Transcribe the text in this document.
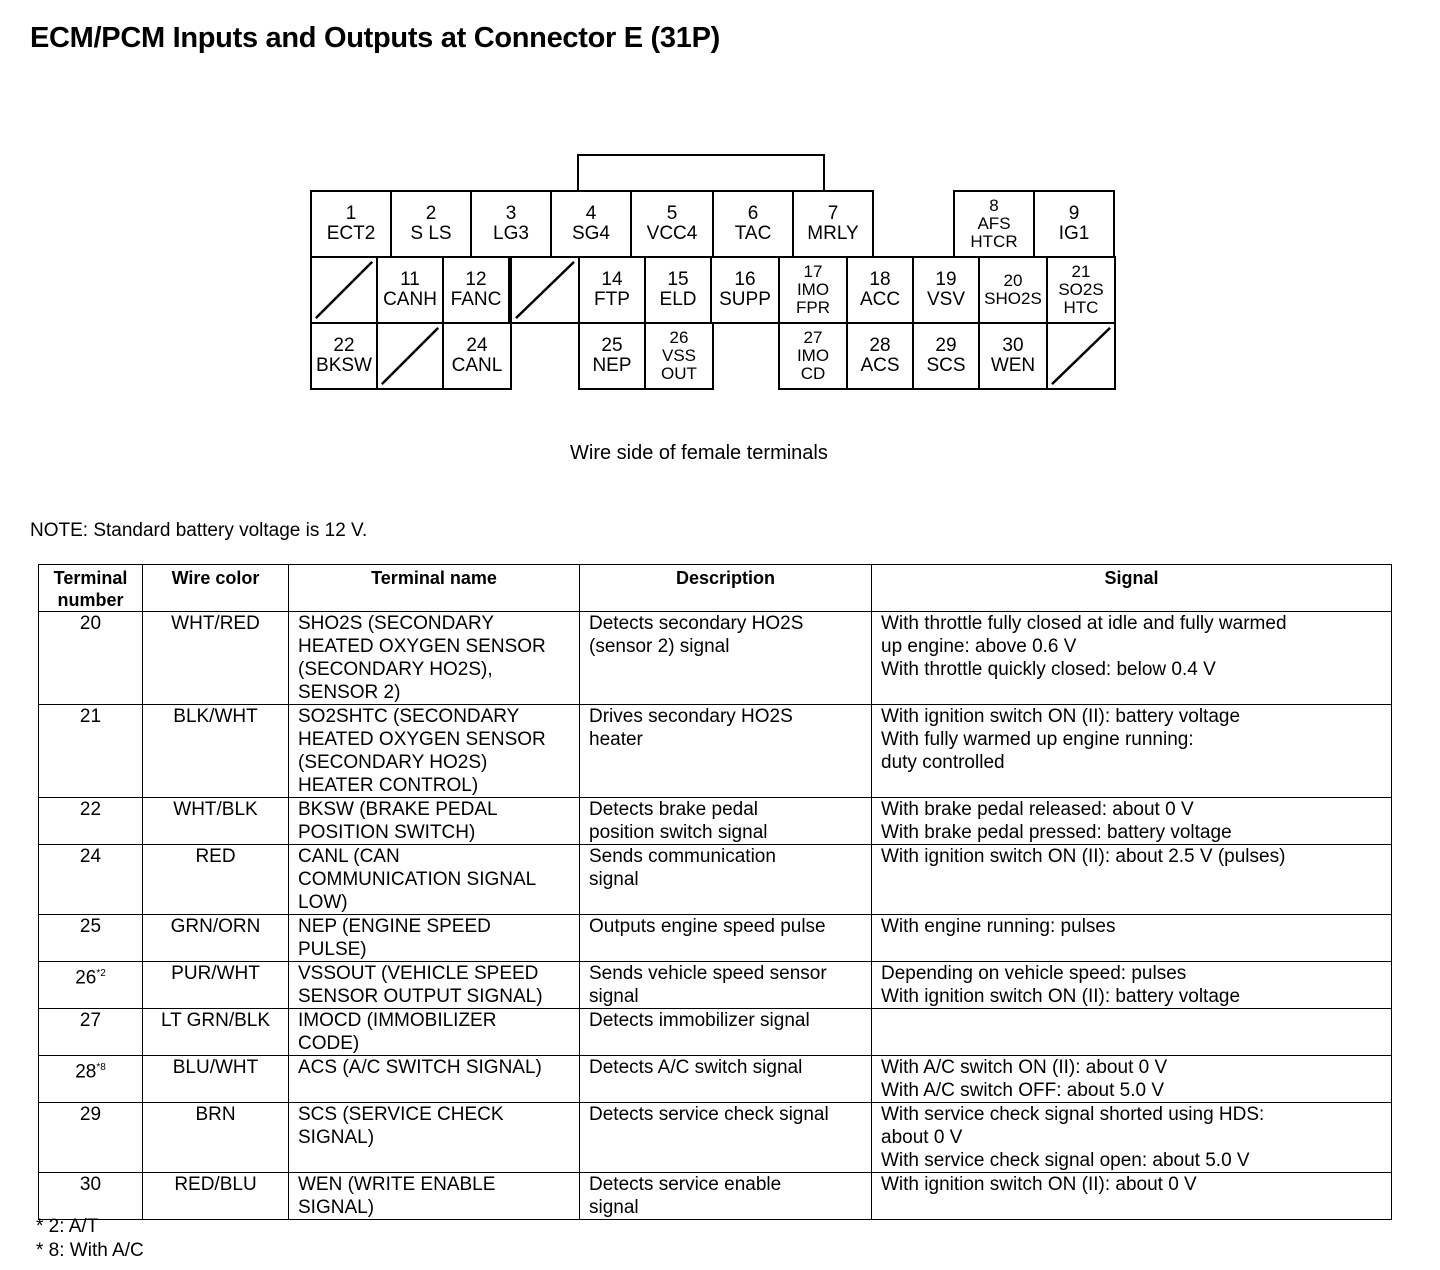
ECM/PCM Inputs and Outputs at Connector E (31P)
1
ECT2
2
S LS
3
LG3
4
SG4
5
VCC4
6
TAC
7
MRLY
8
AFS
HTCR
9
IG1
11
CANH
12
FANC
14
FTP
15
ELD
16
SUPP
17
IMO
FPR
18
ACC
19
VSV
20
SHO2S
21
SO2S
HTC
22
BKSW
24
CANL
25
NEP
26
VSS
OUT
27
IMO
CD
28
ACS
29
SCS
30
WEN
Wire side of female terminals
NOTE: Standard battery voltage is 12 V.
Terminal
number	Wire color	Terminal name	Description	Signal
20	WHT/RED	SHO2S (SECONDARY
HEATED OXYGEN SENSOR
(SECONDARY HO2S),
SENSOR 2)	Detects secondary HO2S
(sensor 2) signal	With throttle fully closed at idle and fully warmed
up engine: above 0.6 V
With throttle quickly closed: below 0.4 V

21	BLK/WHT	SO2SHTC (SECONDARY
HEATED OXYGEN SENSOR
(SECONDARY HO2S)
HEATER CONTROL)	Drives secondary HO2S
heater	With ignition switch ON (II): battery voltage
With fully warmed up engine running:
duty controlled

22	WHT/BLK	BKSW (BRAKE PEDAL
POSITION SWITCH)	Detects brake pedal
position switch signal	With brake pedal released: about 0 V
With brake pedal pressed: battery voltage

24	RED	CANL (CAN
COMMUNICATION SIGNAL
LOW)	Sends communication
signal	With ignition switch ON (II): about 2.5 V (pulses)

25	GRN/ORN	NEP (ENGINE SPEED
PULSE)	Outputs engine speed pulse	With engine running: pulses

26$^{*2}$	PUR/WHT	VSSOUT (VEHICLE SPEED
SENSOR OUTPUT SIGNAL)	Sends vehicle speed sensor
signal	Depending on vehicle speed: pulses
With ignition switch ON (II): battery voltage

27	LT GRN/BLK	IMOCD (IMMOBILIZER
CODE)	Detects immobilizer signal	

28$^{*8}$	BLU/WHT	ACS (A/C SWITCH SIGNAL)	Detects A/C switch signal	With A/C switch ON (II): about 0 V
With A/C switch OFF: about 5.0 V

29	BRN	SCS (SERVICE CHECK
SIGNAL)	Detects service check signal	With service check signal shorted using HDS:
about 0 V
With service check signal open: about 5.0 V

30	RED/BLU	WEN (WRITE ENABLE
SIGNAL)	Detects service enable
signal	With ignition switch ON (II): about 0 V
* 2: A/T
* 8: With A/C
